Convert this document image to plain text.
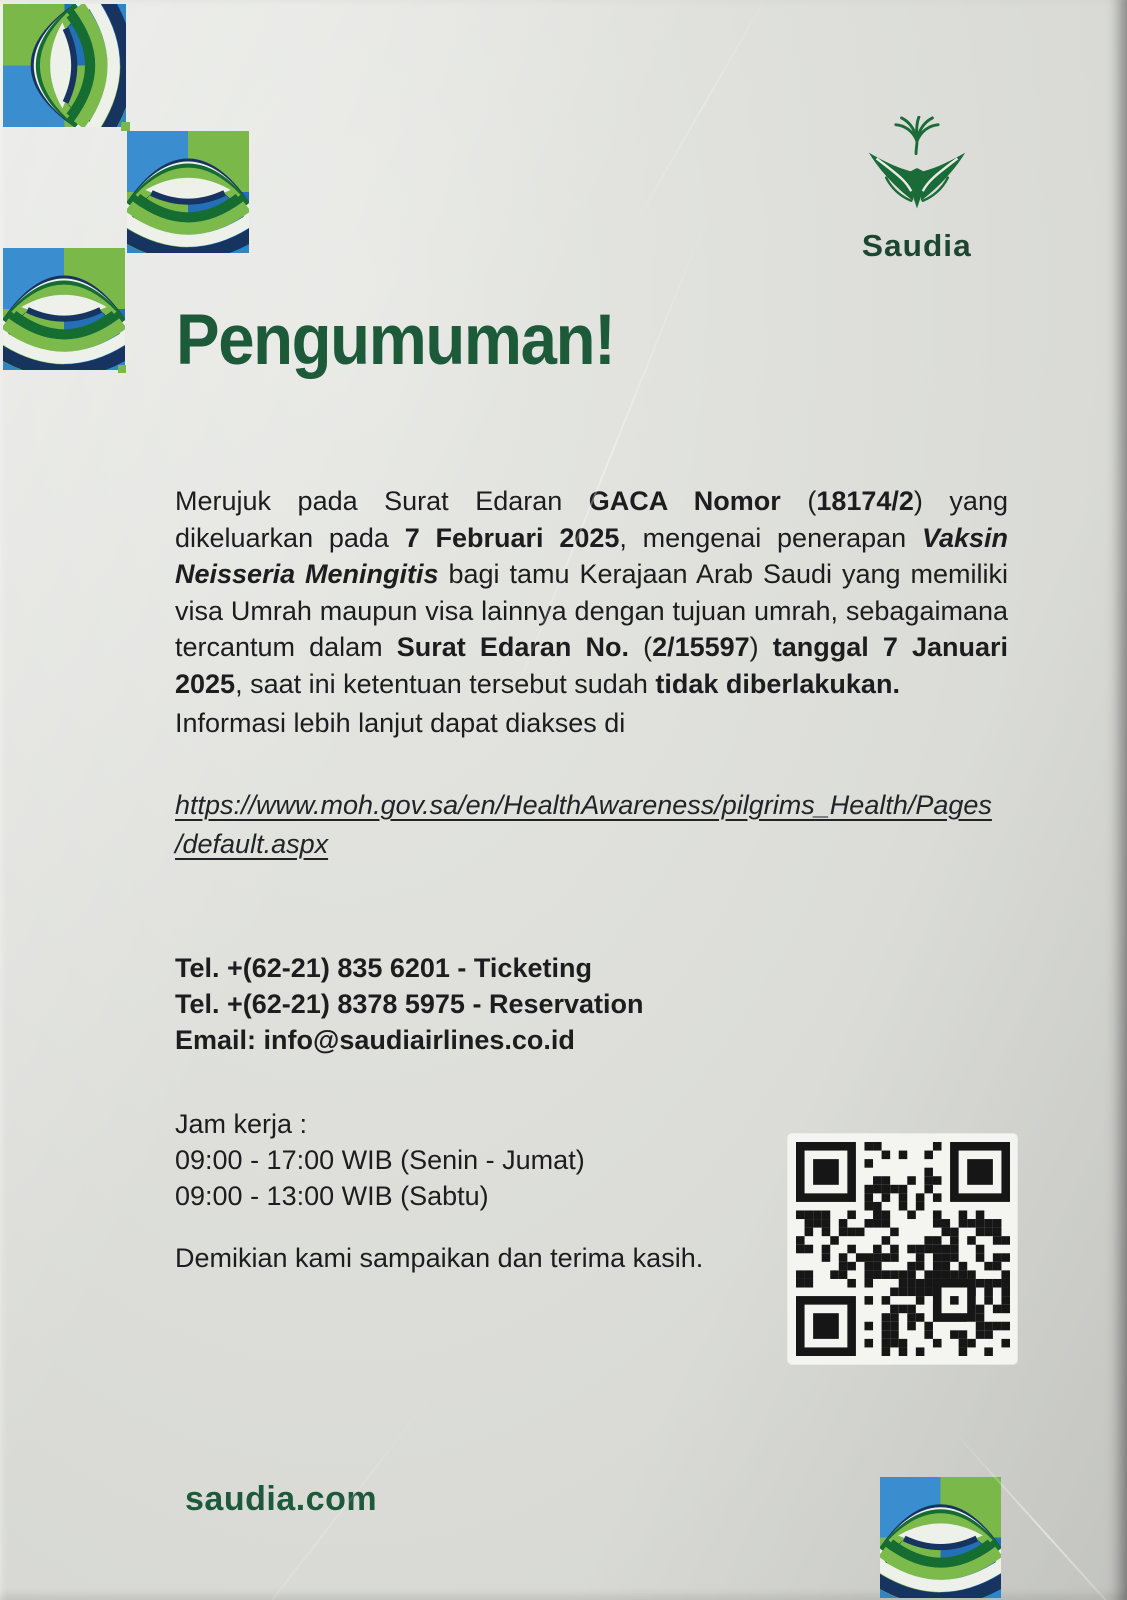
Saudia
Pengumuman!

Merujuk pada Surat Edaran GACA Nomor (18174/2) yang dikeluarkan pada 7 Februari 2025, mengenai penerapan Vaksin Neisseria Meningitis bagi tamu Kerajaan Arab Saudi yang memiliki visa Umrah maupun visa lainnya dengan tujuan umrah, sebagaimana tercantum dalam Surat Edaran No. (2/15597) tanggal 7 Januari 2025, saat ini ketentuan tersebut sudah tidak diberlakukan.

Informasi lebih lanjut dapat diakses di
https://www.moh.gov.sa/en/HealthAwareness/pilgrims_Health/Pages
/default.aspx
Tel. +(62-21) 835 6201 - Ticketing
Tel. +(62-21) 8378 5975 - Reservation
Email: info@saudiairlines.co.id
Jam kerja :
09:00 - 17:00 WIB (Senin - Jumat)
09:00 - 13:00 WIB (Sabtu)
Demikian kami sampaikan dan terima kasih.
saudia.com
